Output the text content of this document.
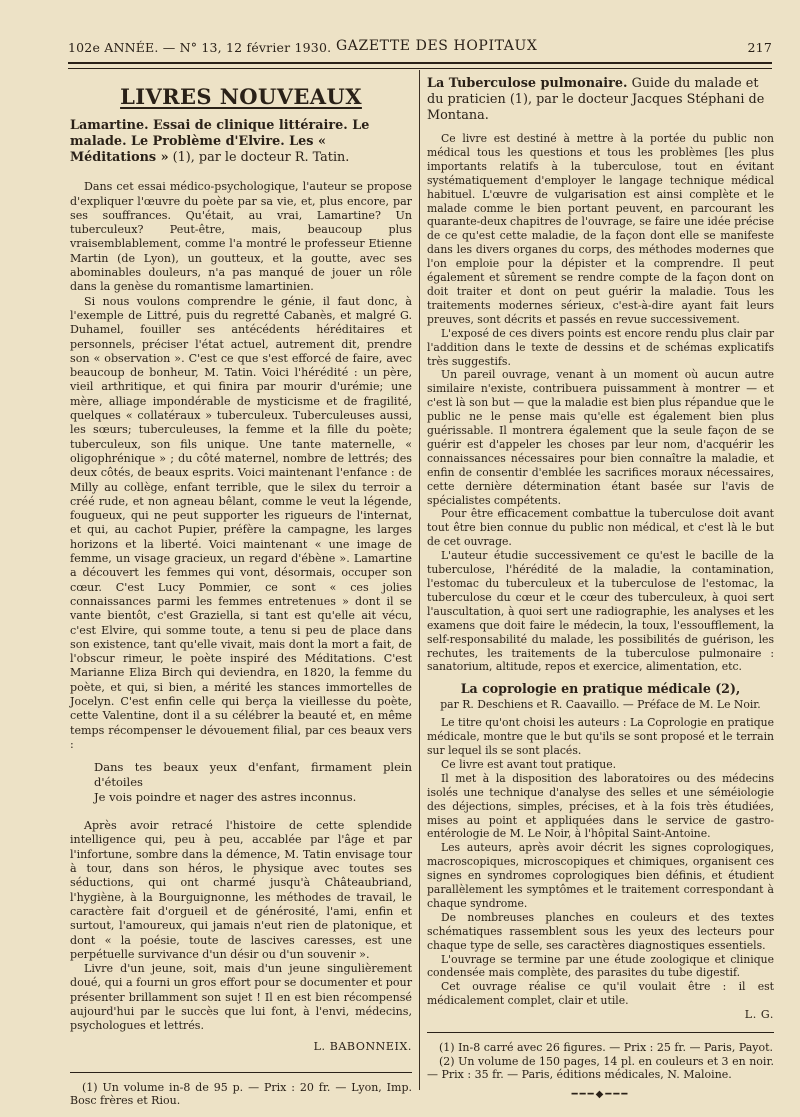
102e ANNÉE. — N° 13, 12 février 1930. GAZETTE DES HOPITAUX	217
LIVRES NOUVEAUX
Lamartine. Essai de clinique littéraire. Le malade. Le Problème d'Elvire. Les « Méditations » (1), par le docteur R. Tatin.

Dans cet essai médico-psychologique, l'auteur se propose d'expliquer l'œuvre du poète par sa vie, et, plus encore, par ses souffrances. Qu'était, au vrai, Lamartine? Un tuberculeux? Peut-être, mais, beaucoup plus vraisemblablement, comme l'a montré le professeur Etienne Martin (de Lyon), un goutteux, et la goutte, avec ses abominables douleurs, n'a pas manqué de jouer un rôle dans la genèse du romantisme lamartinien.

Si nous voulons comprendre le génie, il faut donc, à l'exemple de Littré, puis du regretté Cabanès, et malgré G. Duhamel, fouiller ses antécédents héréditaires et personnels, préciser l'état actuel, autrement dit, prendre son « observation ». C'est ce que s'est efforcé de faire, avec beaucoup de bonheur, M. Tatin. Voici l'hérédité : un père, vieil arthritique, et qui finira par mourir d'urémie; une mère, alliage impondérable de mysticisme et de fragilité, quelques « collatéraux » tuberculeux. Tuberculeuses aussi, les sœurs; tuberculeuses, la femme et la fille du poète; tuberculeux, son fils unique. Une tante maternelle, « oligophrénique » ; du côté maternel, nombre de lettrés; des deux côtés, de beaux esprits. Voici maintenant l'enfance : de Milly au collège, enfant terrible, que le silex du terroir a créé rude, et non agneau bêlant, comme le veut la légende, fougueux, qui ne peut supporter les rigueurs de l'internat, et qui, au cachot Pupier, préfère la campagne, les larges horizons et la liberté. Voici maintenant « une image de femme, un visage gracieux, un regard d'ébène ». Lamartine a découvert les femmes qui vont, désormais, occuper son cœur. C'est Lucy Pommier, ce sont « ces jolies connaissances parmi les femmes entretenues » dont il se vante bientôt, c'est Graziella, si tant est qu'elle ait vécu, c'est Elvire, qui somme toute, a tenu si peu de place dans son existence, tant qu'elle vivait, mais dont la mort a fait, de l'obscur rimeur, le poète inspiré des Méditations. C'est Marianne Eliza Birch qui deviendra, en 1820, la femme du poète, et qui, si bien, a mérité les stances immortelles de Jocelyn. C'est enfin celle qui berça la vieillesse du poète, cette Valentine, dont il a su célébrer la beauté et, en même temps récompenser le dévouement filial, par ces beaux vers :

Dans tes beaux yeux d'enfant, firmament plein d'étoiles
Je vois poindre et nager des astres inconnus.

Après avoir retracé l'histoire de cette splendide intelligence qui, peu à peu, accablée par l'âge et par l'infortune, sombre dans la démence, M. Tatin envisage tour à tour, dans son héros, le physique avec toutes ses séductions, qui ont charmé jusqu'à Châteaubriand, l'hygiène, à la Bourguignonne, les méthodes de travail, le caractère fait d'orgueil et de générosité, l'ami, enfin et surtout, l'amoureux, qui jamais n'eut rien de platonique, et dont « la poésie, toute de lascives caresses, est une perpétuelle survivance d'un désir ou d'un souvenir ».

Livre d'un jeune, soit, mais d'un jeune singulièrement doué, qui a fourni un gros effort pour se documenter et pour présenter brillamment son sujet ! Il en est bien récompensé aujourd'hui par le succès que lui font, à l'envi, médecins, psychologues et lettrés.

L. BABONNEIX.

(1) Un volume in-8 de 95 p. — Prix : 20 fr. — Lyon, Imp. Bosc frères et Riou.

La Tuberculose pulmonaire. Guide du malade et du praticien (1), par le docteur Jacques Stéphani de Montana.

Ce livre est destiné à mettre à la portée du public non médical tous les questions et tous les problèmes [les plus importants relatifs à la tuberculose, tout en évitant systématiquement d'employer le langage technique médical habituel. L'œuvre de vulgarisation est ainsi complète et le malade comme le bien portant peuvent, en parcourant les quarante-deux chapitres de l'ouvrage, se faire une idée précise de ce qu'est cette maladie, de la façon dont elle se manifeste dans les divers organes du corps, des méthodes modernes que l'on emploie pour la dépister et la comprendre. Il peut également et sûrement se rendre compte de la façon dont on doit traiter et dont on peut guérir la maladie. Tous les traitements modernes sérieux, c'est-à-dire ayant fait leurs preuves, sont décrits et passés en revue successivement.

L'exposé de ces divers points est encore rendu plus clair par l'addition dans le texte de dessins et de schémas explicatifs très suggestifs.

Un pareil ouvrage, venant à un moment où aucun autre similaire n'existe, contribuera puissamment à montrer — et c'est là son but — que la maladie est bien plus répandue que le public ne le pense mais qu'elle est également bien plus guérissable. Il montrera également que la seule façon de se guérir est d'appeler les choses par leur nom, d'acquérir les connaissances nécessaires pour bien connaître la maladie, et enfin de consentir d'emblée les sacrifices moraux nécessaires, cette dernière détermination étant basée sur l'avis de spécialistes compétents.

Pour être efficacement combattue la tuberculose doit avant tout être bien connue du public non médical, et c'est là le but de cet ouvrage.

L'auteur étudie successivement ce qu'est le bacille de la tuberculose, l'hérédité de la maladie, la contamination, l'estomac du tuberculeux et la tuberculose de l'estomac, la tuberculose du cœur et le cœur des tuberculeux, à quoi sert l'auscultation, à quoi sert une radiographie, les analyses et les examens que doit faire le médecin, la toux, l'essoufflement, la self-responsabilité du malade, les possibilités de guérison, les rechutes, les traitements de la tuberculose pulmonaire : sanatorium, altitude, repos et exercice, alimentation, etc.

La coprologie en pratique médicale (2),

par R. Deschiens et R. Caavaillo. — Préface de M. Le Noir.

Le titre qu'ont choisi les auteurs : La Coprologie en pratique médicale, montre que le but qu'ils se sont proposé et le terrain sur lequel ils se sont placés.

Ce livre est avant tout pratique.

Il met à la disposition des laboratoires ou des médecins isolés une technique d'analyse des selles et une séméiologie des déjections, simples, précises, et à la fois très étudiées, mises au point et appliquées dans le service de gastro-entérologie de M. Le Noir, à l'hôpital Saint-Antoine.

Les auteurs, après avoir décrit les signes coprologiques, macroscopiques, microscopiques et chimiques, organisent ces signes en syndromes coprologiques bien définis, et étudient parallèlement les symptômes et le traitement correspondant à chaque syndrome.

De nombreuses planches en couleurs et des textes schématiques rassemblent sous les yeux des lecteurs pour chaque type de selle, ses caractères diagnostiques essentiels.

L'ouvrage se termine par une étude zoologique et clinique condensée mais complète, des parasites du tube digestif.

Cet ouvrage réalise ce qu'il voulait être : il est médicalement complet, clair et utile.

L. G.

(1) In-8 carré avec 26 figures. — Prix : 25 fr. — Paris, Payot.

(2) Un volume de 150 pages, 14 pl. en couleurs et 3 en noir. — Prix : 35 fr. — Paris, éditions médicales, N. Maloine.

━━━◆━━━
